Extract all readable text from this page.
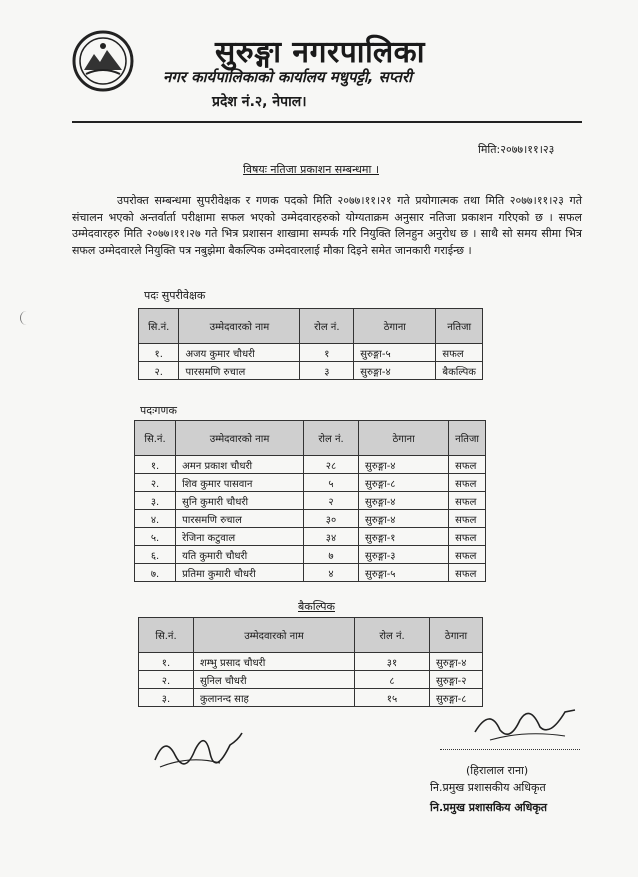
सुरुङ्गा नगरपालिका
नगर कार्यपालिकाको कार्यालय मधुपट्टी, सप्तरी
प्रदेश नं.२, नेपाल।
मिति:२०७७।११।२३
विषयः नतिजा प्रकाशन सम्बन्धमा ।
उपरोक्त सम्बन्धमा सुपरीवेक्षक र गणक पदको मिति २०७७।११।२१ गते प्रयोगात्मक तथा मिति २०७७।११।२३ गते संचालन भएको अन्तर्वार्ता परीक्षामा सफल भएको उम्मेदवारहरुको योग्यताक्रम अनुसार नतिजा प्रकाशन गरिएको छ । सफल उम्मेदवारहरु मिति २०७७।११।२७ गते भित्र प्रशासन शाखामा सम्पर्क गरि नियुक्ति लिनहुन अनुरोध छ । साथै सो समय सीमा भित्र सफल उम्मेदवारले नियुक्ति पत्र नबुझेमा बैकल्पिक उम्मेदवारलाई मौका दिइने समेत जानकारी गराईन्छ ।
पदः सुपरीवेक्षक
सि.नं.	उम्मेदवारको नाम	रोल नं.	ठेगाना	नतिजा
१.	अजय कुमार चौधरी	१	सुरुङ्गा-५	सफल
२.	पारसमणि रुचाल	३	सुरुङ्गा-४	बैकल्पिक
पदःगणक
सि.नं.	उम्मेदवारको नाम	रोल नं.	ठेगाना	नतिजा
१.	अमन प्रकाश चौधरी	२८	सुरुङ्गा-४	सफल
२.	शिव कुमार पासवान	५	सुरुङ्गा-८	सफल
३.	सुनि कुमारी चौधरी	२	सुरुङ्गा-४	सफल
४.	पारसमणि रुचाल	३०	सुरुङ्गा-४	सफल
५.	रेजिना कटुवाल	३४	सुरुङ्गा-१	सफल
६.	यति कुमारी चौधरी	७	सुरुङ्गा-३	सफल
७.	प्रतिमा कुमारी चौधरी	४	सुरुङ्गा-५	सफल
बैकल्पिक
सि.नं.	उम्मेदवारको नाम	रोल नं.	ठेगाना
१.	शम्भु प्रसाद चौधरी	३१	सुरुङ्गा-४
२.	सुनिल चौधरी	८	सुरुङ्गा-२
३.	कुलानन्द साह	१५	सुरुङ्गा-८
(हिरालाल राना)
नि.प्रमुख प्रशासकीय अधिकृत
नि.प्रमुख प्रशासकिय अधिकृत
